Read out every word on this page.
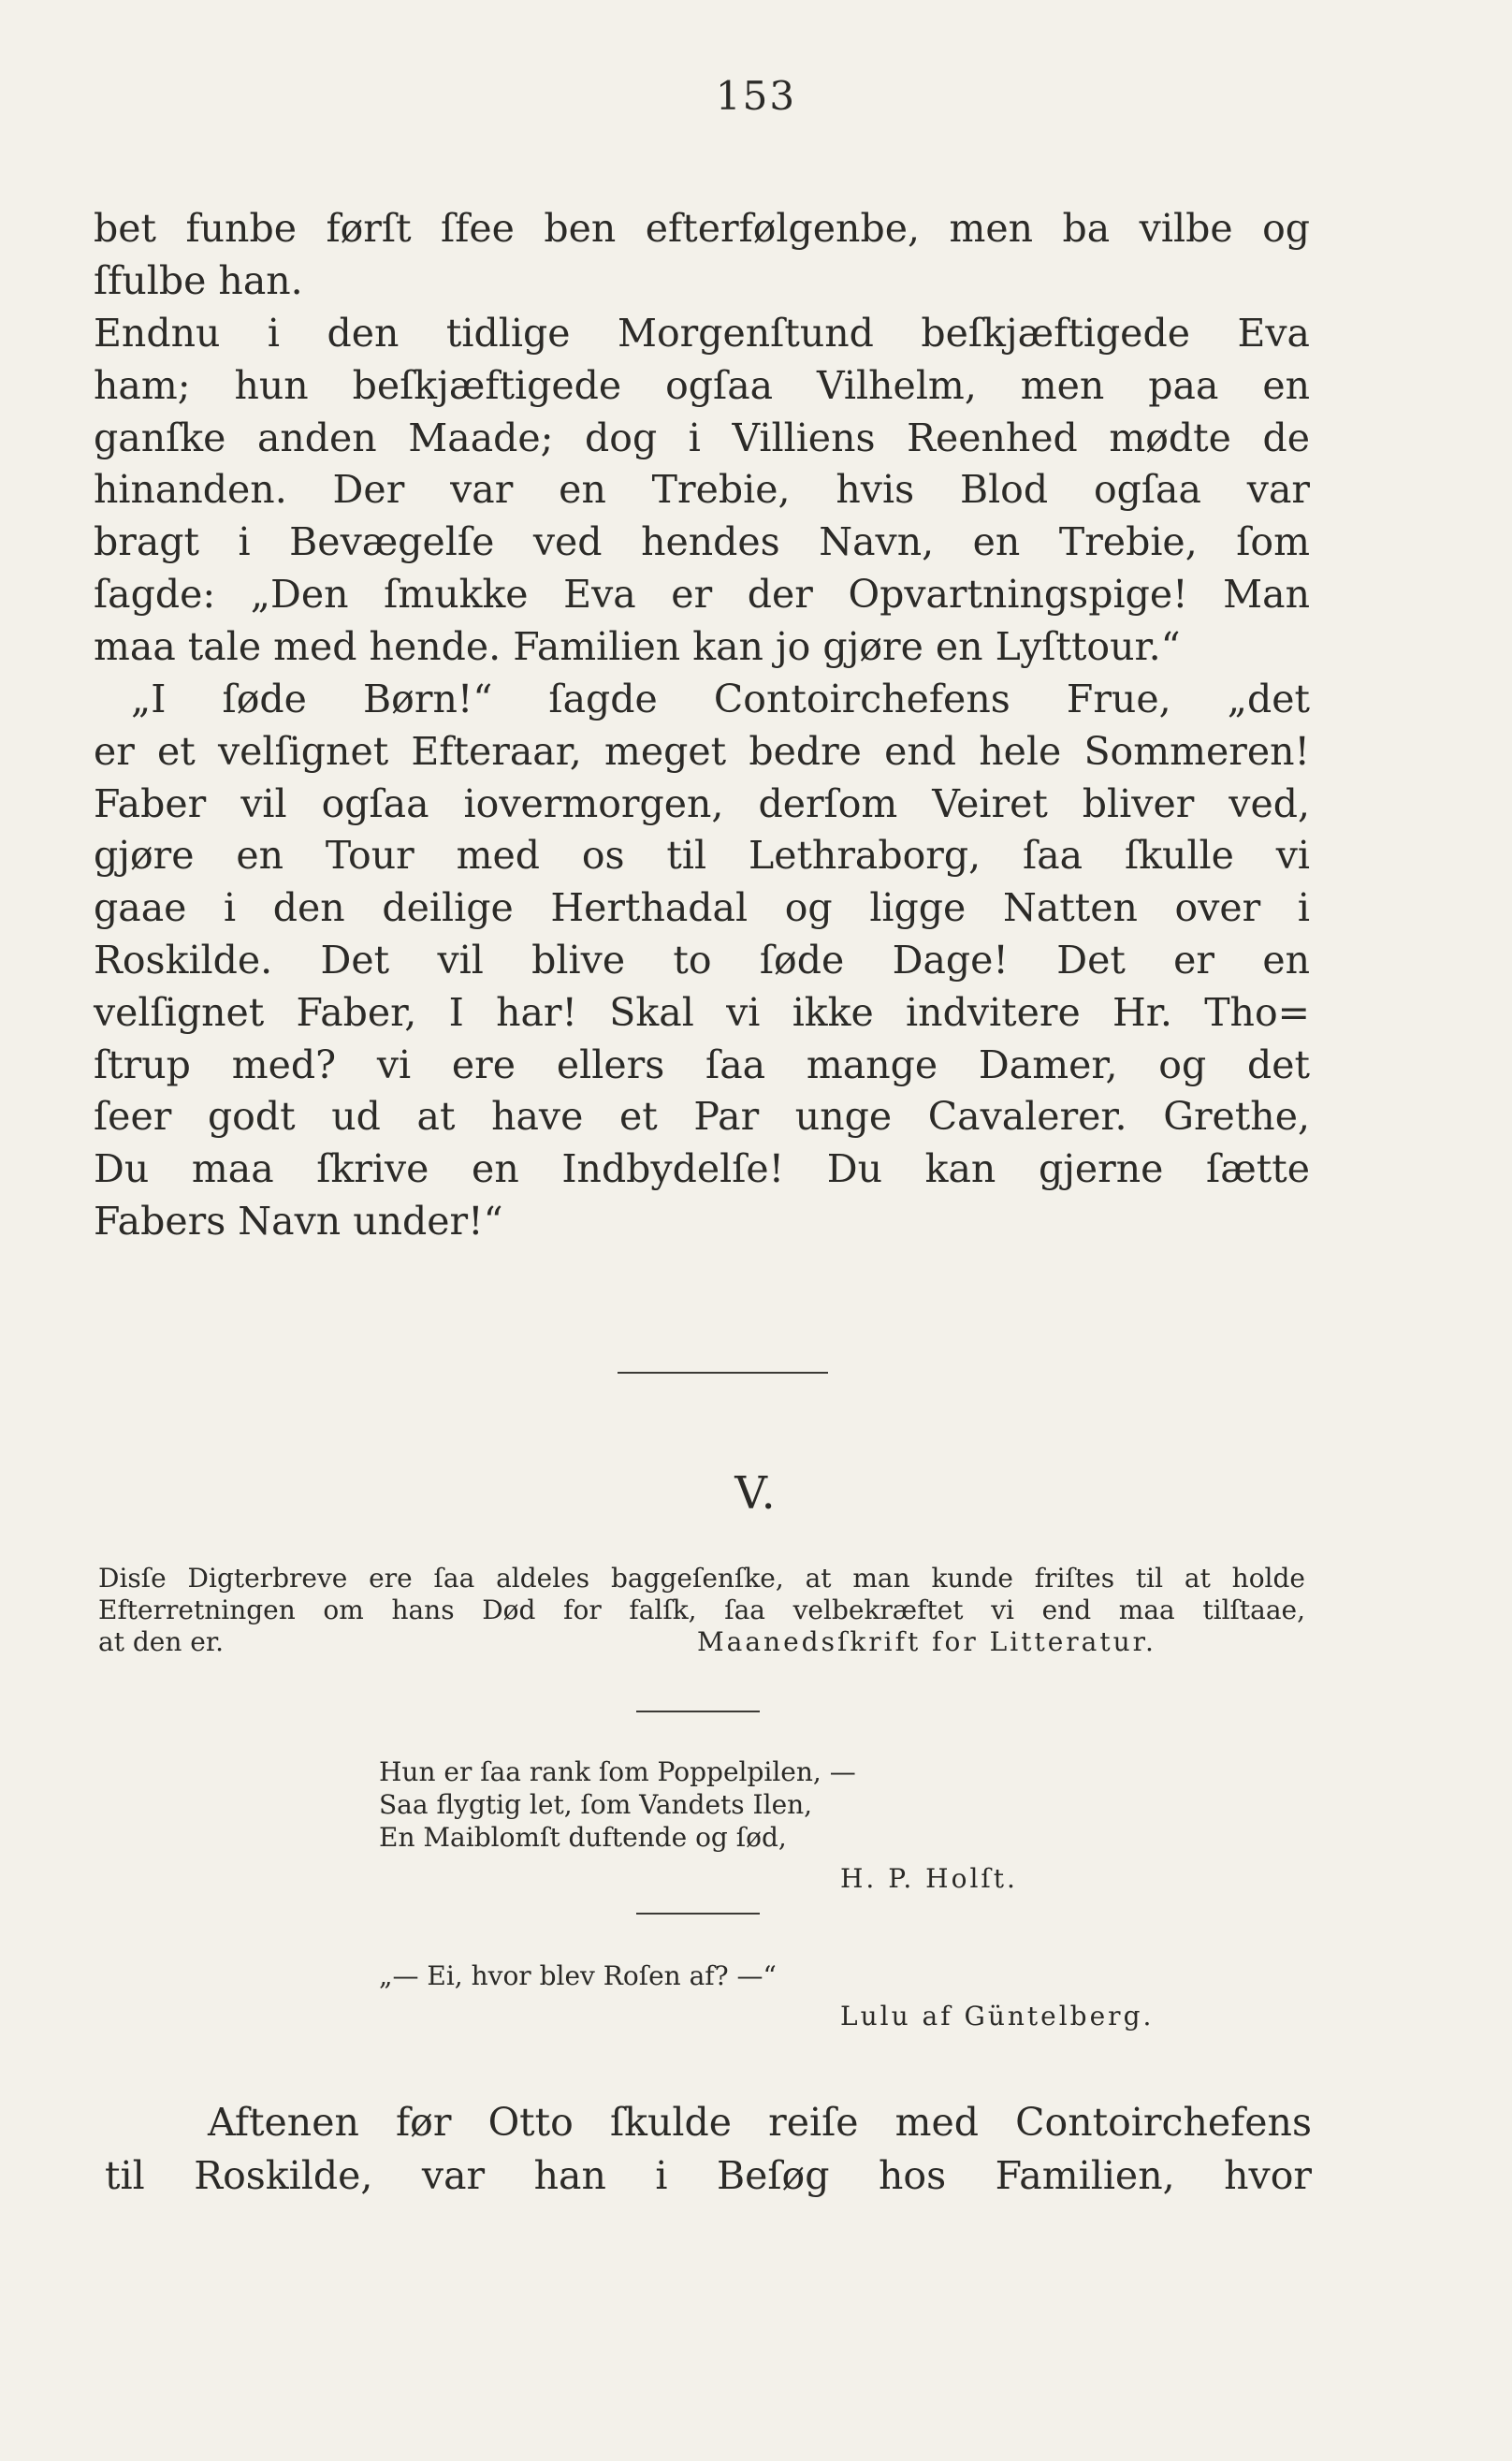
153
bet funbe førſt ſfee ben efterfølgenbe, men ba vilbe og
ſfulbe han.
Endnu i den tidlige Morgenſtund beſkjæftigede Eva
ham; hun beſkjæftigede ogſaa Vilhelm, men paa en
ganſke anden Maade; dog i Villiens Reenhed mødte de
hinanden. Der var en Trebie, hvis Blod ogſaa var
bragt i Bevægelſe ved hendes Navn, en Trebie, ſom
ſagde: „Den ſmukke Eva er der Opvartningspige! Man
maa tale med hende. Familien kan jo gjøre en Lyſttour.“
„I ſøde Børn!“ ſagde Contoirchefens Frue, „det
er et velſignet Efteraar, meget bedre end hele Sommeren!
Faber vil ogſaa iovermorgen, derſom Veiret bliver ved,
gjøre en Tour med os til Lethraborg, ſaa ſkulle vi
gaae i den deilige Herthadal og ligge Natten over i
Roskilde. Det vil blive to ſøde Dage! Det er en
velſignet Faber, I har! Skal vi ikke indvitere Hr. Tho=
ſtrup med? vi ere ellers ſaa mange Damer, og det
ſeer godt ud at have et Par unge Cavalerer. Grethe,
Du maa ſkrive en Indbydelſe! Du kan gjerne ſætte
Fabers Navn under!“
V.
Disſe Digterbreve ere ſaa aldeles baggeſenſke, at man kunde friſtes til at holde
Efterretningen om hans Død for falſk, ſaa velbekræftet vi end maa tilſtaae,
at den er.	Maanedsſkrift for Litteratur.
Hun er ſaa rank ſom Poppelpilen, —
Saa flygtig let, ſom Vandets Ilen,
En Maiblomſt duftende og ſød,
H. P. Holſt.
„— Ei, hvor blev Roſen af? —“
Lulu af Güntelberg.
Aftenen før Otto ſkulde reiſe med Contoirchefens
til Roskilde, var han i Beſøg hos Familien, hvor
